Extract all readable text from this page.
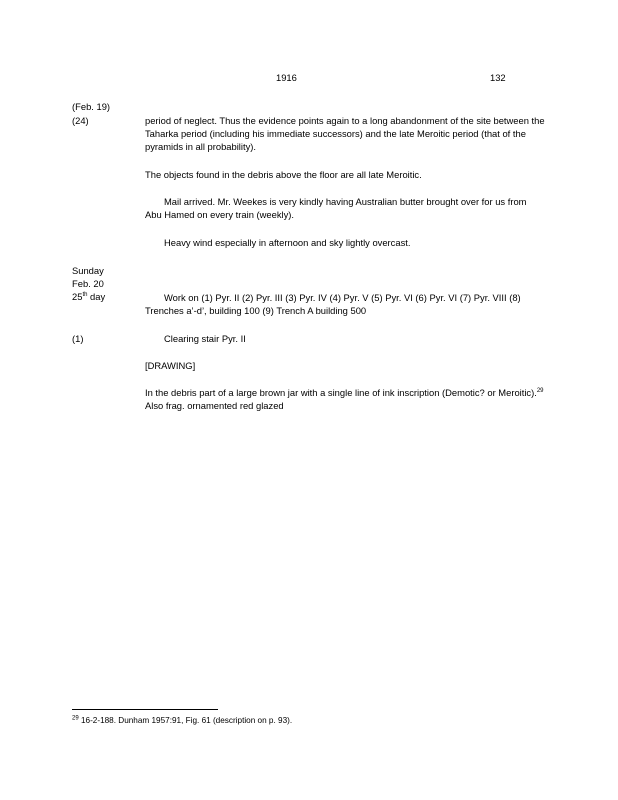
1916	132
(Feb. 19)
(24)	period of neglect. Thus the evidence points again to a long abandonment of the site between the Taharka period (including his immediate successors) and the late Meroitic period (that of the pyramids in all probability).
The objects found in the debris above the floor are all late Meroitic.
Mail arrived. Mr. Weekes is very kindly having Australian butter brought over for us from Abu Hamed on every train (weekly).
Heavy wind especially in afternoon and sky lightly overcast.
Sunday
Feb. 20
25th day	Work on (1) Pyr. II (2) Pyr. III (3) Pyr. IV (4) Pyr. V (5) Pyr. VI (6) Pyr. VI (7) Pyr. VIII (8) Trenches a’-d’, building 100 (9) Trench A building 500
(1)	Clearing stair Pyr. II
[DRAWING]
In the debris part of a large brown jar with a single line of ink inscription (Demotic? or Meroitic).$^{29}$ Also frag. ornamented red glazed
$^{29}$ 16-2-188. Dunham 1957:91, Fig. 61 (description on p. 93).
